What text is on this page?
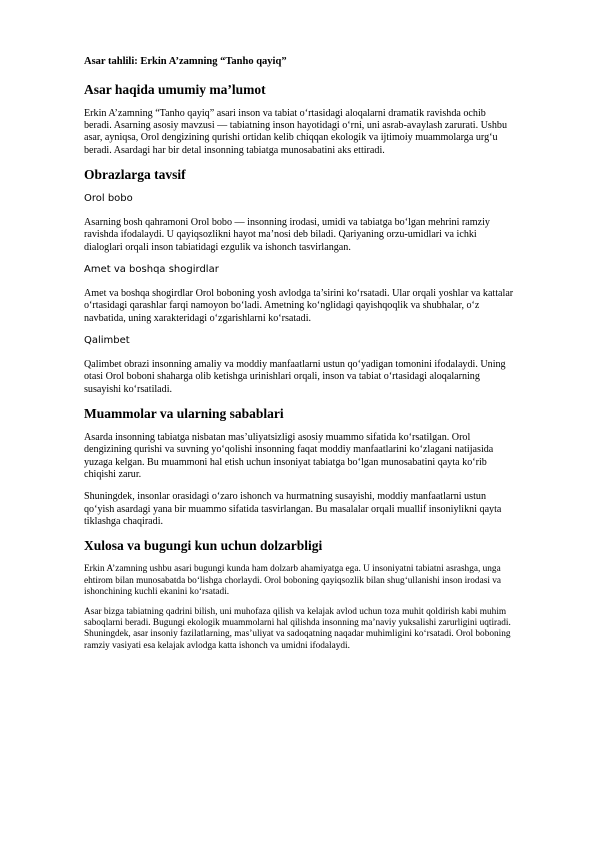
Asar tahlili: Erkin A’zamning “Tanho qayiq”
Asar haqida umumiy ma’lumot

Erkin A’zamning “Tanho qayiq” asari inson va tabiat o‘rtasidagi aloqalarni dramatik ravishda ochib beradi. Asarning asosiy mavzusi — tabiatning inson hayotidagi o‘rni, uni asrab-avaylash zarurati. Ushbu asar, ayniqsa, Orol dengizining qurishi ortidan kelib chiqqan ekologik va ijtimoiy muammolarga urg‘u beradi. Asardagi har bir detal insonning tabiatga munosabatini aks ettiradi.

Obrazlarga tavsif
Orol bobo

Asarning bosh qahramoni Orol bobo — insonning irodasi, umidi va tabiatga bo‘lgan mehrini ramziy ravishda ifodalaydi. U qayiqsozlikni hayot ma’nosi deb biladi. Qariyaning orzu-umidlari va ichki dialoglari orqali inson tabiatidagi ezgulik va ishonch tasvirlangan.

Amet va boshqa shogirdlar

Amet va boshqa shogirdlar Orol boboning yosh avlodga ta’sirini ko‘rsatadi. Ular orqali yoshlar va kattalar o‘rtasidagi qarashlar farqi namoyon bo‘ladi. Ametning ko‘nglidagi qayishqoqlik va shubhalar, o‘z navbatida, uning xarakteridagi o‘zgarishlarni ko‘rsatadi.

Qalimbet

Qalimbet obrazi insonning amaliy va moddiy manfaatlarni ustun qo‘yadigan tomonini ifodalaydi. Uning otasi Orol boboni shaharga olib ketishga urinishlari orqali, inson va tabiat o‘rtasidagi aloqalarning susayishi ko‘rsatiladi.

Muammolar va ularning sabablari

Asarda insonning tabiatga nisbatan mas’uliyatsizligi asosiy muammo sifatida ko‘rsatilgan. Orol dengizining qurishi va suvning yo‘qolishi insonning faqat moddiy manfaatlarini ko‘zlagani natijasida yuzaga kelgan. Bu muammoni hal etish uchun insoniyat tabiatga bo‘lgan munosabatini qayta ko‘rib chiqishi zarur.

Shuningdek, insonlar orasidagi o‘zaro ishonch va hurmatning susayishi, moddiy manfaatlarni ustun qo‘yish asardagi yana bir muammo sifatida tasvirlangan. Bu masalalar orqali muallif insoniylikni qayta tiklashga chaqiradi.

Xulosa va bugungi kun uchun dolzarbligi

Erkin A’zamning ushbu asari bugungi kunda ham dolzarb ahamiyatga ega. U insoniyatni tabiatni asrashga, unga ehtirom bilan munosabatda bo‘lishga chorlaydi. Orol boboning qayiqsozlik bilan shug‘ullanishi inson irodasi va ishonchining kuchli ekanini ko‘rsatadi.

Asar bizga tabiatning qadrini bilish, uni muhofaza qilish va kelajak avlod uchun toza muhit qoldirish kabi muhim saboqlarni beradi. Bugungi ekologik muammolarni hal qilishda insonning ma’naviy yuksalishi zarurligini uqtiradi. Shuningdek, asar insoniy fazilatlarning, mas’uliyat va sadoqatning naqadar muhimligini ko‘rsatadi. Orol boboning ramziy vasiyati esa kelajak avlodga katta ishonch va umidni ifodalaydi.
